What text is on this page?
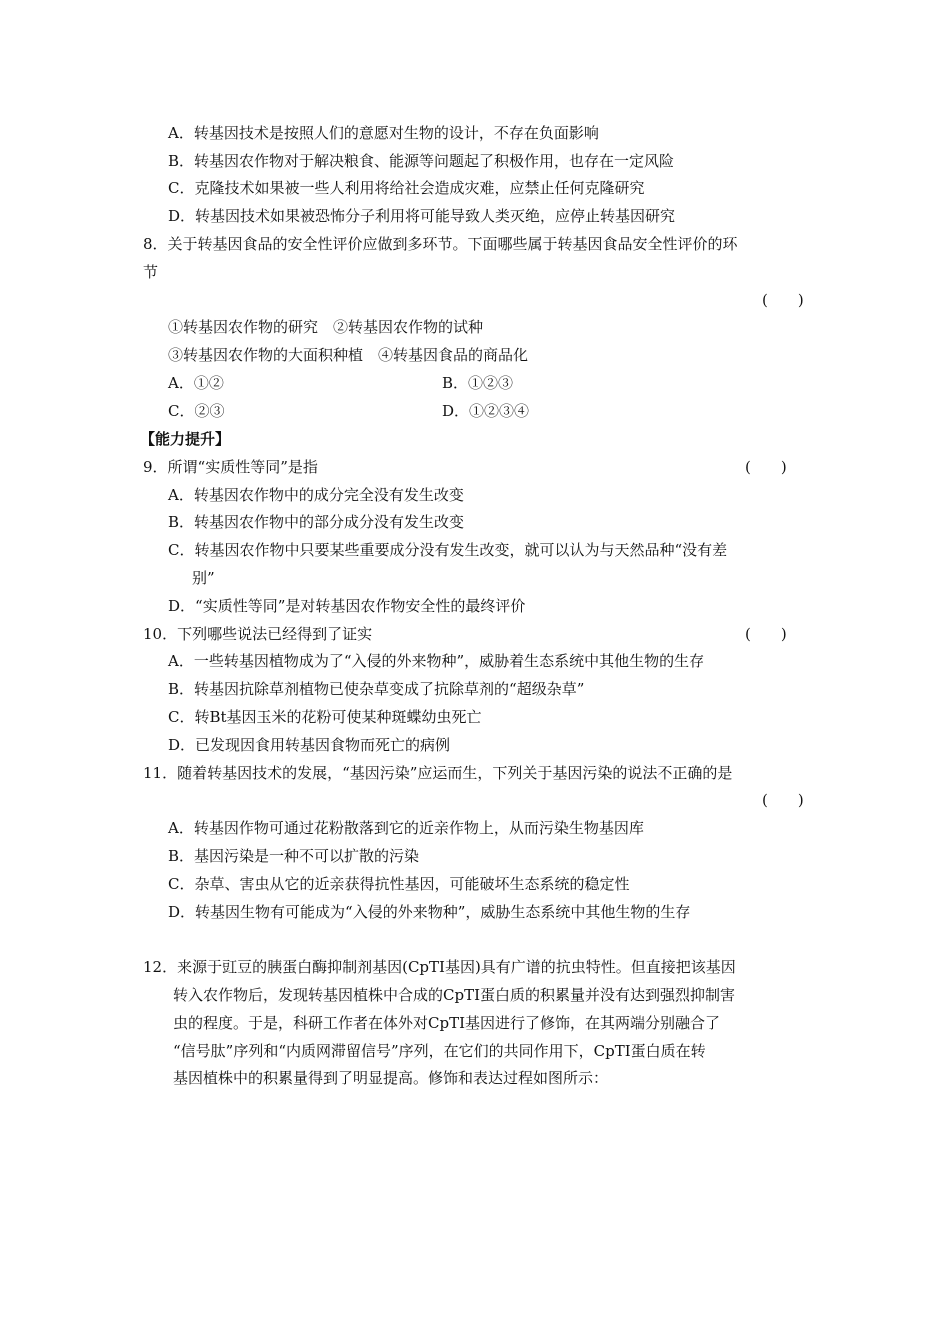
A．转基因技术是按照人们的意愿对生物的设计，不存在负面影响
B．转基因农作物对于解决粮食、能源等问题起了积极作用，也存在一定风险
C．克隆技术如果被一些人利用将给社会造成灾难，应禁止任何克隆研究
D．转基因技术如果被恐怖分子利用将可能导致人类灭绝，应停止转基因研究
8．关于转基因食品的安全性评价应做到多环节。下面哪些属于转基因食品安全性评价的环
节
(　　)
①转基因农作物的研究　②转基因农作物的试种
③转基因农作物的大面积种植　④转基因食品的商品化
A．①②	B．①②③
C．②③	D．①②③④
【能力提升】
9．所谓“实质性等同”是指	(　　)
A．转基因农作物中的成分完全没有发生改变
B．转基因农作物中的部分成分没有发生改变
C．转基因农作物中只要某些重要成分没有发生改变，就可以认为与天然品种“没有差
别”
D．“实质性等同”是对转基因农作物安全性的最终评价
10．下列哪些说法已经得到了证实	(　　)
A．一些转基因植物成为了“入侵的外来物种”，威胁着生态系统中其他生物的生存
B．转基因抗除草剂植物已使杂草变成了抗除草剂的“超级杂草”
C．转Bt基因玉米的花粉可使某种斑蝶幼虫死亡
D．已发现因食用转基因食物而死亡的病例
11．随着转基因技术的发展，“基因污染”应运而生，下列关于基因污染的说法不正确的是
(　　)
A．转基因作物可通过花粉散落到它的近亲作物上，从而污染生物基因库
B．基因污染是一种不可以扩散的污染
C．杂草、害虫从它的近亲获得抗性基因，可能破坏生态系统的稳定性
D．转基因生物有可能成为“入侵的外来物种”，威胁生态系统中其他生物的生存
12．来源于豇豆的胰蛋白酶抑制剂基因(CpTI基因)具有广谱的抗虫特性。但直接把该基因
转入农作物后，发现转基因植株中合成的CpTI蛋白质的积累量并没有达到强烈抑制害
虫的程度。于是，科研工作者在体外对CpTI基因进行了修饰，在其两端分别融合了
“信号肽”序列和“内质网滞留信号”序列，在它们的共同作用下，CpTI蛋白质在转
基因植株中的积累量得到了明显提高。修饰和表达过程如图所示：
